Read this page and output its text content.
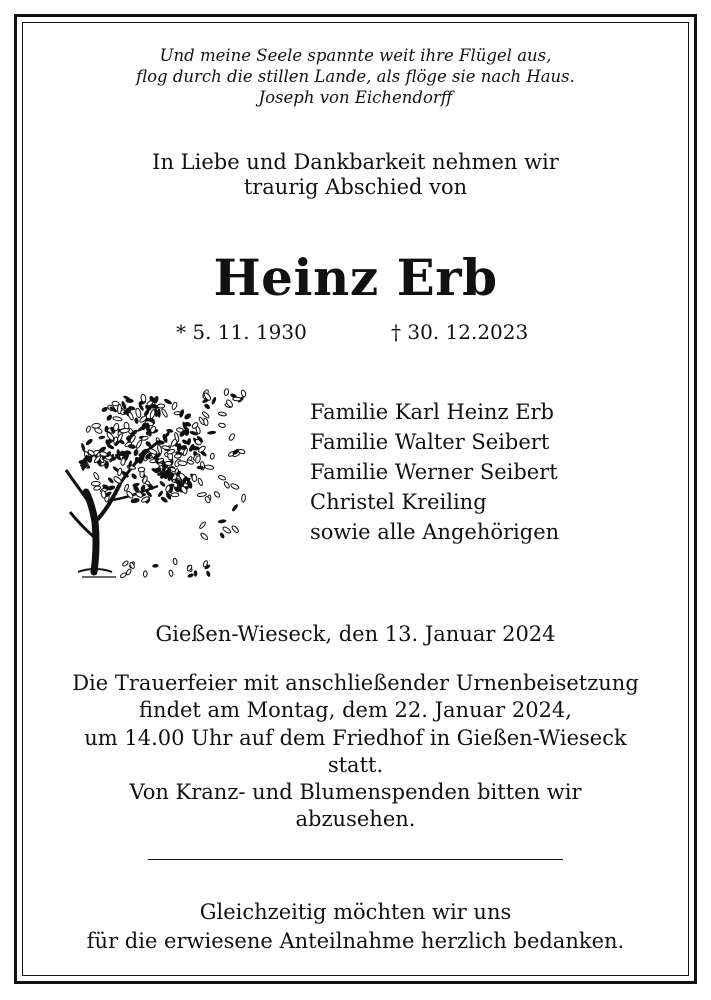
Und meine Seele spannte weit ihre Flügel aus,
flog durch die stillen Lande, als flöge sie nach Haus.
Joseph von Eichendorff
In Liebe und Dankbarkeit nehmen wir
traurig Abschied von
Heinz Erb
* 5. 11. 1930	† 30. 12.2023
Familie Karl Heinz Erb
Familie Walter Seibert
Familie Werner Seibert
Christel Kreiling
sowie alle Angehörigen
Gießen-Wieseck, den 13. Januar 2024
Die Trauerfeier mit anschließender Urnenbeisetzung
findet am Montag, dem 22. Januar 2024,
um 14.00 Uhr auf dem Friedhof in Gießen-Wieseck
statt.
Von Kranz- und Blumenspenden bitten wir
abzusehen.
Gleichzeitig möchten wir uns
für die erwiesene Anteilnahme herzlich bedanken.
